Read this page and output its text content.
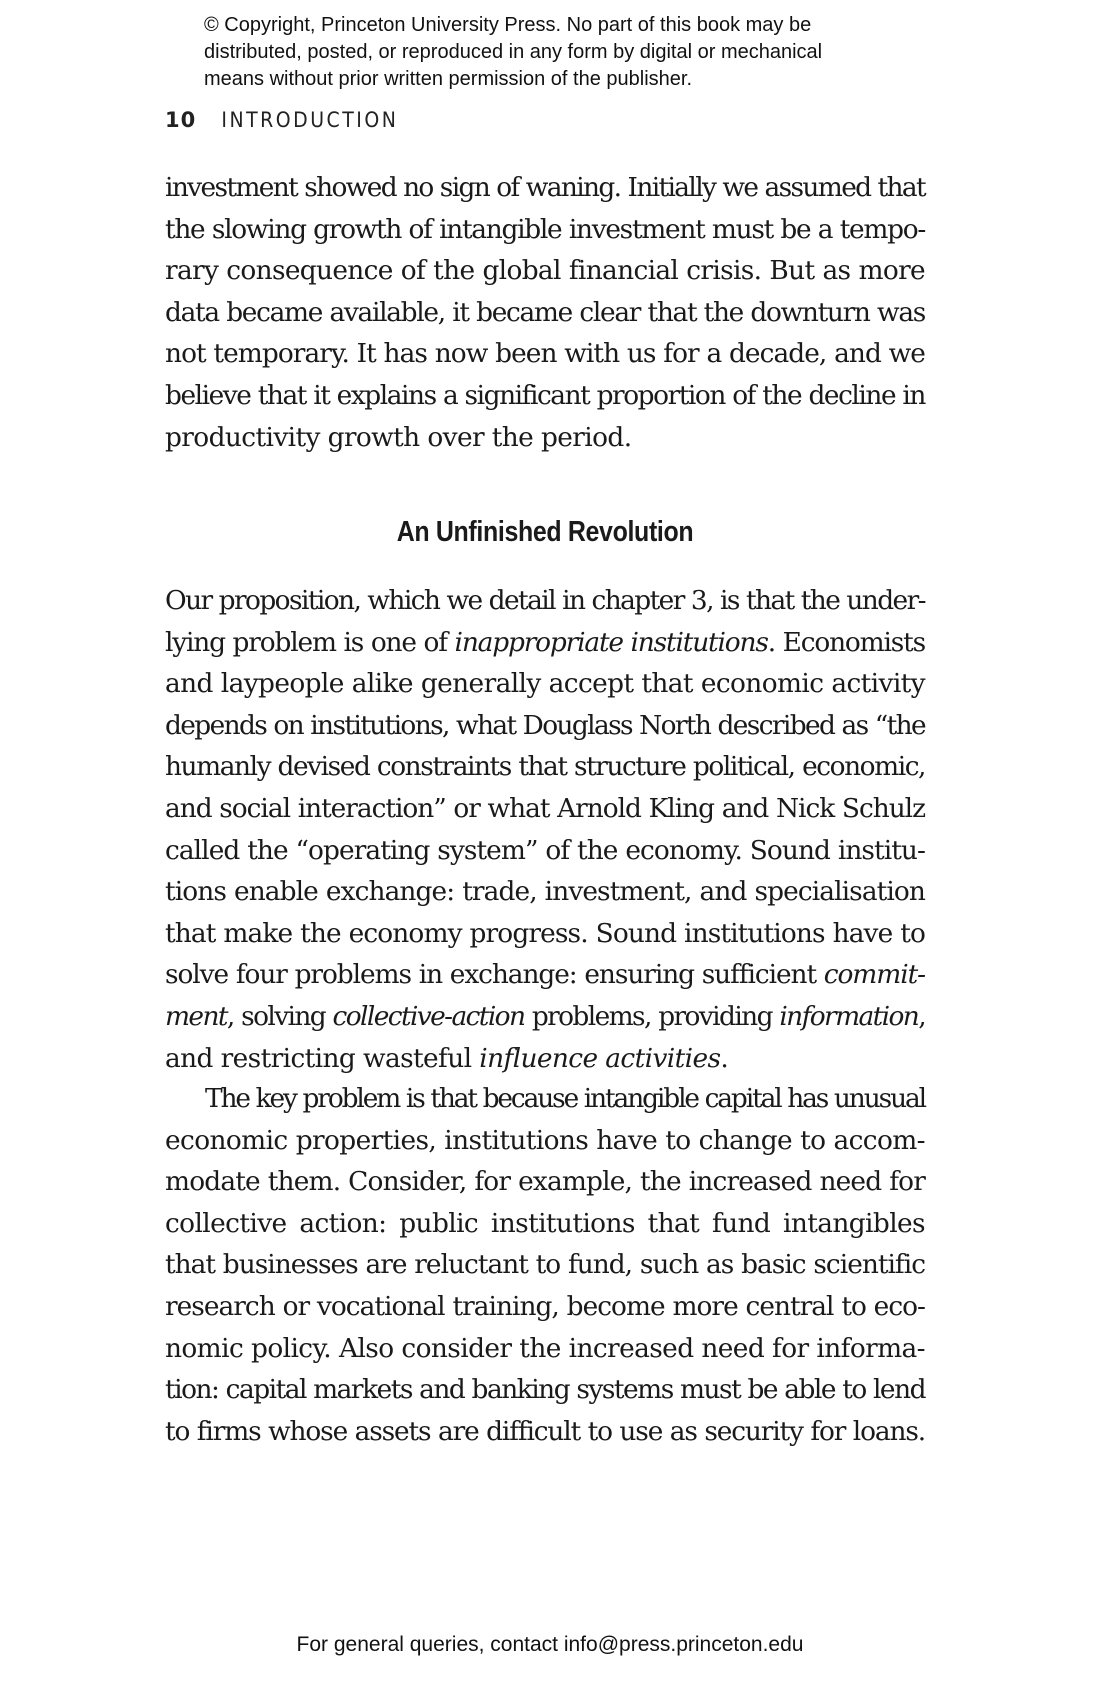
© Copyright, Princeton University Press. No part of this book may be
distributed, posted, or reproduced in any form by digital or mechanical
means without prior written permission of the publisher.
10 INTRODUCTION
investment showed no sign of waning. Initially we assumed that
the slowing growth of intangible investment must be a tempo-
rary consequence of the global financial crisis. But as more
data became available, it became clear that the downturn was
not temporary. It has now been with us for a decade, and we
believe that it explains a significant proportion of the decline in
productivity growth over the period.
An Unfinished Revolution
Our proposition, which we detail in chapter 3, is that the under-
lying problem is one of inappropriate institutions. Economists
and laypeople alike generally accept that economic activity
depends on institutions, what Douglass North described as “the
humanly devised constraints that structure political, economic,
and social interaction” or what Arnold Kling and Nick Schulz
called the “operating system” of the economy. Sound institu-
tions enable exchange: trade, investment, and specialisation
that make the economy progress. Sound institutions have to
solve four problems in exchange: ensuring sufficient commit-
ment, solving collective-action problems, providing information,
and restricting wasteful influence activities.
The key problem is that because intangible capital has unusual
economic properties, institutions have to change to accom-
modate them. Consider, for example, the increased need for
collective action: public institutions that fund intangibles
that businesses are reluctant to fund, such as basic scientific
research or vocational training, become more central to eco-
nomic policy. Also consider the increased need for informa-
tion: capital markets and banking systems must be able to lend
to firms whose assets are difficult to use as security for loans.
For general queries, contact info@press.princeton.edu
